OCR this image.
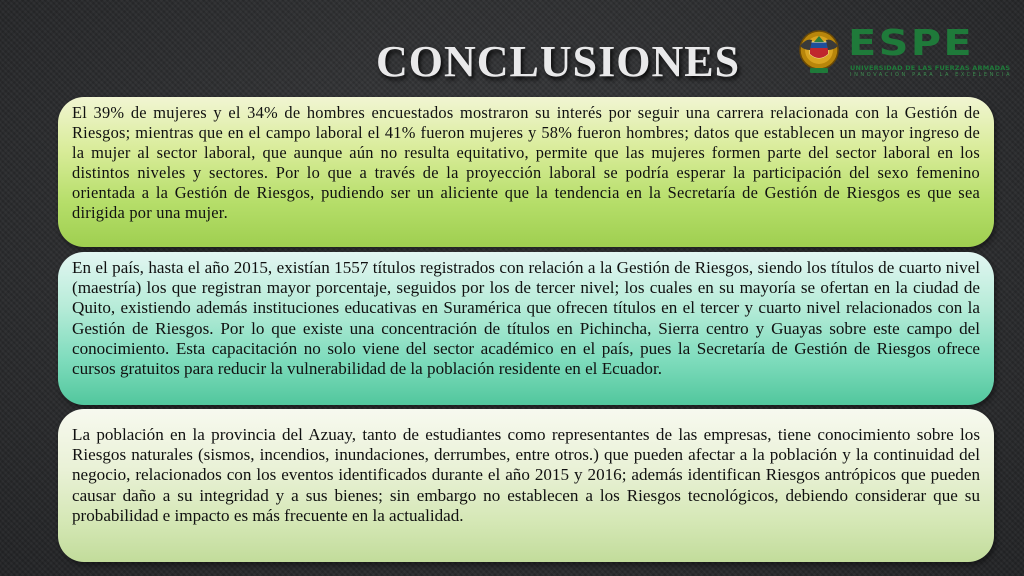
CONCLUSIONES	ESPE
UNIVERSIDAD DE LAS FUERZAS ARMADAS
INNOVACIÓN PARA LA EXCELENCIA

El 39% de mujeres y el 34% de hombres encuestados mostraron su interés por seguir una carrera relacionada con la Gestión de Riesgos; mientras que en el campo laboral el 41% fueron mujeres y 58% fueron hombres; datos que establecen un mayor ingreso de la mujer al sector laboral, que aunque aún no resulta equitativo, permite que las mujeres formen parte del sector laboral en los distintos niveles y sectores. Por lo que a través de la proyección laboral se podría esperar la participación del sexo femenino orientada a la Gestión de Riesgos, pudiendo ser un aliciente que la tendencia en la Secretaría de Gestión de Riesgos es que sea dirigida por una mujer.

En el país, hasta el año 2015, existían 1557 títulos registrados con relación a la Gestión de Riesgos, siendo los títulos de cuarto nivel (maestría) los que registran mayor porcentaje, seguidos por los de tercer nivel; los cuales en su mayoría se ofertan en la ciudad de Quito, existiendo además instituciones educativas en Suramérica que ofrecen títulos en el tercer y cuarto nivel relacionados con la Gestión de Riesgos. Por lo que existe una concentración de títulos en Pichincha, Sierra centro y Guayas sobre este campo del conocimiento. Esta capacitación no solo viene del sector académico en el país, pues la Secretaría de Gestión de Riesgos ofrece cursos gratuitos para reducir la vulnerabilidad de la población residente en el Ecuador.

La población en la provincia del Azuay, tanto de estudiantes como representantes de las empresas, tiene conocimiento sobre los Riesgos naturales (sismos, incendios, inundaciones, derrumbes, entre otros.) que pueden afectar a la población y la continuidad del negocio, relacionados con los eventos identificados durante el año 2015 y 2016; además identifican Riesgos antrópicos que pueden causar daño a su integridad y a sus bienes; sin embargo no establecen a los Riesgos tecnológicos, debiendo considerar que su probabilidad e impacto es más frecuente en la actualidad.
